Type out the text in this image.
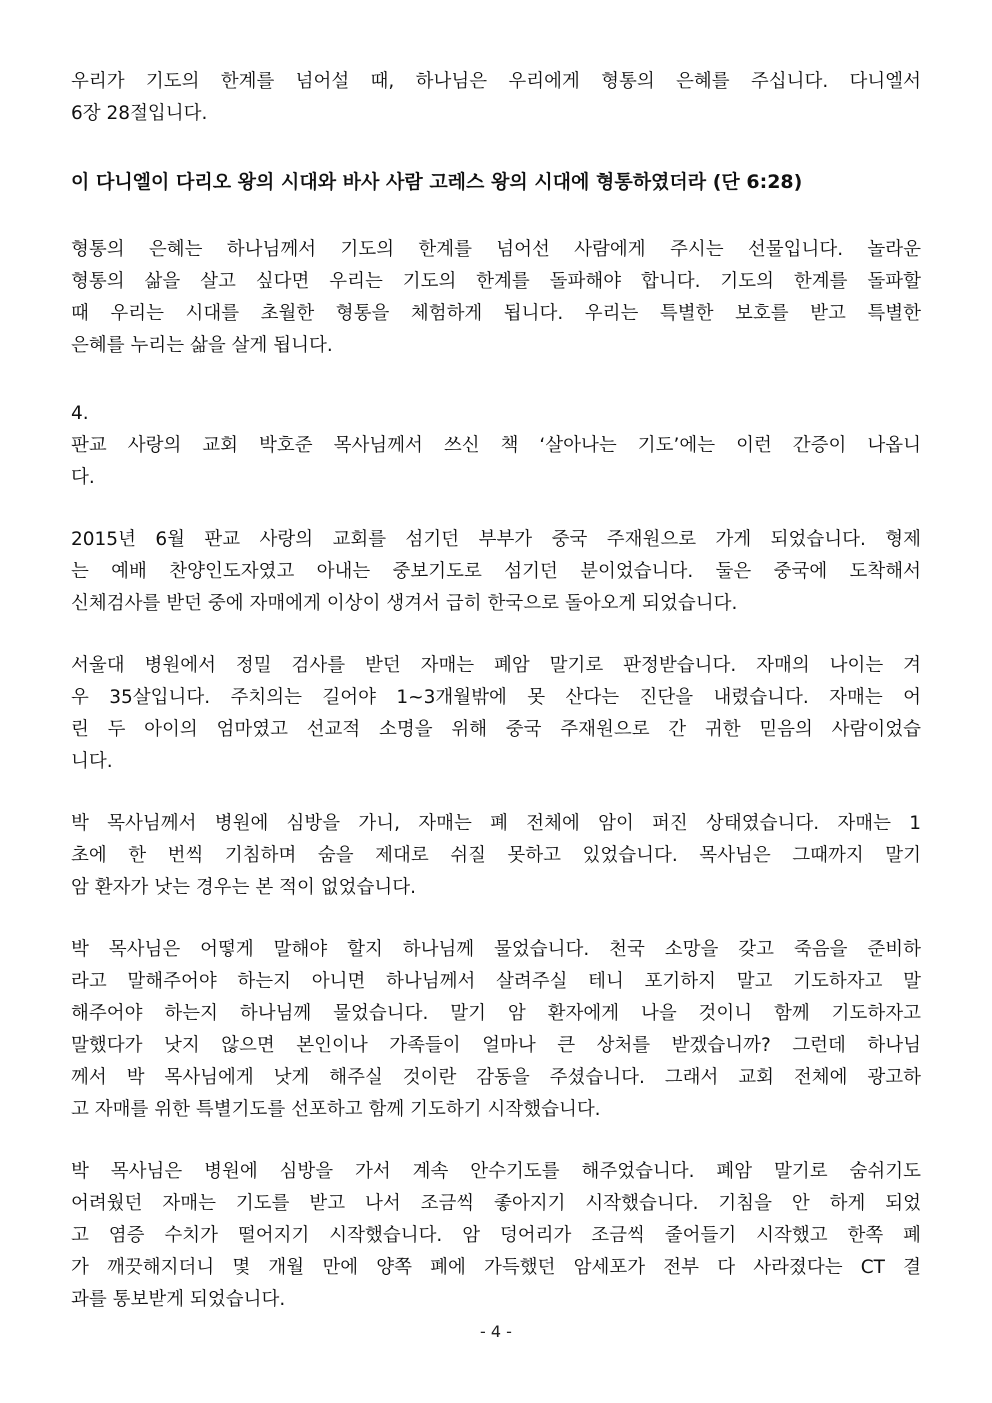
우리가 기도의 한계를 넘어설 때, 하나님은 우리에게 형통의 은혜를 주십니다. 다니엘서
6장 28절입니다.

이 다니엘이 다리오 왕의 시대와 바사 사람 고레스 왕의 시대에 형통하였더라 (단 6:28)

형통의 은혜는 하나님께서 기도의 한계를 넘어선 사람에게 주시는 선물입니다. 놀라운
형통의 삶을 살고 싶다면 우리는 기도의 한계를 돌파해야 합니다. 기도의 한계를 돌파할
때 우리는 시대를 초월한 형통을 체험하게 됩니다. 우리는 특별한 보호를 받고 특별한
은혜를 누리는 삶을 살게 됩니다.

4.

판교 사랑의 교회 박호준 목사님께서 쓰신 책 ‘살아나는 기도’에는 이런 간증이 나옵니
다.
2015년 6월 판교 사랑의 교회를 섬기던 부부가 중국 주재원으로 가게 되었습니다. 형제
는 예배 찬양인도자였고 아내는 중보기도로 섬기던 분이었습니다. 둘은 중국에 도착해서
신체검사를 받던 중에 자매에게 이상이 생겨서 급히 한국으로 돌아오게 되었습니다.
서울대 병원에서 정밀 검사를 받던 자매는 폐암 말기로 판정받습니다. 자매의 나이는 겨
우 35살입니다. 주치의는 길어야 1~3개월밖에 못 산다는 진단을 내렸습니다. 자매는 어
린 두 아이의 엄마였고 선교적 소명을 위해 중국 주재원으로 간 귀한 믿음의 사람이었습
니다.
박 목사님께서 병원에 심방을 가니, 자매는 폐 전체에 암이 퍼진 상태였습니다. 자매는 1
초에 한 번씩 기침하며 숨을 제대로 쉬질 못하고 있었습니다. 목사님은 그때까지 말기
암 환자가 낫는 경우는 본 적이 없었습니다.
박 목사님은 어떻게 말해야 할지 하나님께 물었습니다. 천국 소망을 갖고 죽음을 준비하
라고 말해주어야 하는지 아니면 하나님께서 살려주실 테니 포기하지 말고 기도하자고 말
해주어야 하는지 하나님께 물었습니다. 말기 암 환자에게 나을 것이니 함께 기도하자고
말했다가 낫지 않으면 본인이나 가족들이 얼마나 큰 상처를 받겠습니까? 그런데 하나님
께서 박 목사님에게 낫게 해주실 것이란 감동을 주셨습니다. 그래서 교회 전체에 광고하
고 자매를 위한 특별기도를 선포하고 함께 기도하기 시작했습니다.
박 목사님은 병원에 심방을 가서 계속 안수기도를 해주었습니다. 폐암 말기로 숨쉬기도
어려웠던 자매는 기도를 받고 나서 조금씩 좋아지기 시작했습니다. 기침을 안 하게 되었
고 염증 수치가 떨어지기 시작했습니다. 암 덩어리가 조금씩 줄어들기 시작했고 한쪽 폐
가 깨끗해지더니 몇 개월 만에 양쪽 폐에 가득했던 암세포가 전부 다 사라졌다는 CT 결
과를 통보받게 되었습니다.
- 4 -
